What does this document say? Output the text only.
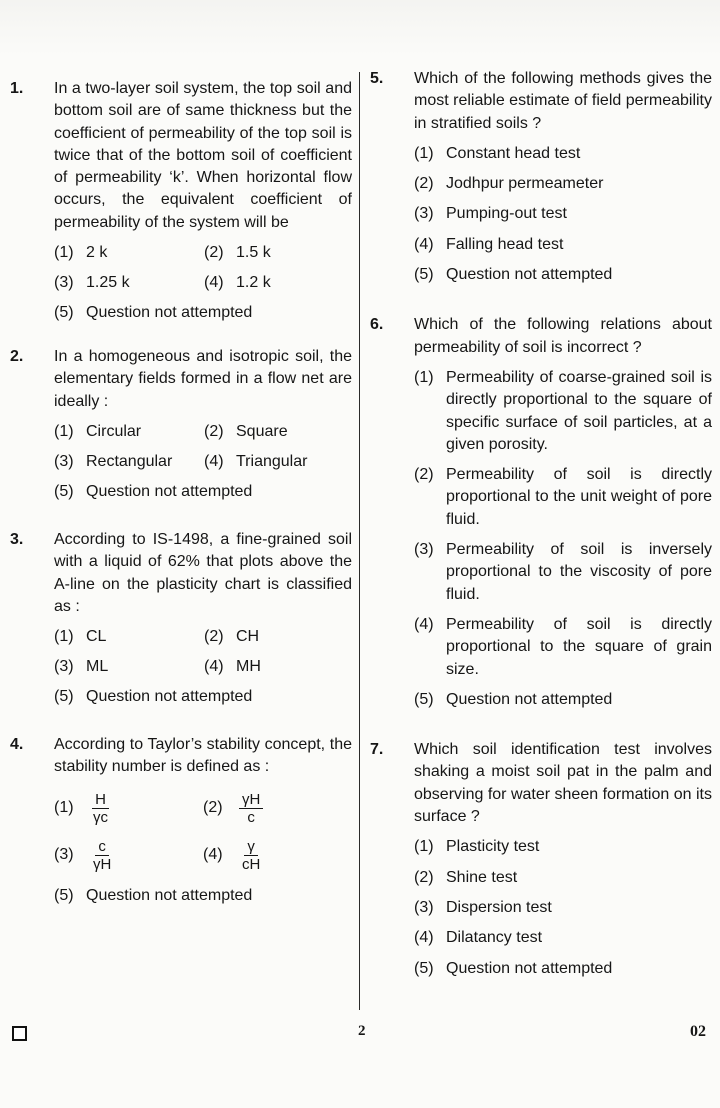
1. In a two-layer soil system, the top soil and bottom soil are of same thickness but the coefficient of permeability of the top soil is twice that of the bottom soil of coefficient of permeability ‘k’. When horizontal flow occurs, the equivalent coefficient of permeability of the system will be

(1) 2 k	(2) 1.5 k
(3) 1.25 k	(4) 1.2 k
(5) Question not attempted
2. In a homogeneous and isotropic soil, the elementary fields formed in a flow net are ideally :

(1) Circular	(2) Square
(3) Rectangular	(4) Triangular
(5) Question not attempted
3. According to IS-1498, a fine-grained soil with a liquid of 62% that plots above the A-line on the plasticity chart is classified as :

(1) CL	(2) CH
(3) ML	(4) MH
(5) Question not attempted
4. According to Taylor’s stability concept, the stability number is defined as :

(1)	$\frac{H}{\gamma c}$	(2)	$\frac{\gamma H}{c}$
(3)	$\frac{c}{\gamma H}$	(4)	$\frac{\gamma}{cH}$
(5) Question not attempted
5. Which of the following methods gives the most reliable estimate of field permeability in stratified soils ?

(1) Constant head test
(2) Jodhpur permeameter
(3) Pumping-out test
(4) Falling head test
(5) Question not attempted
6. Which of the following relations about permeability of soil is incorrect ?

(1) Permeability of coarse-grained soil is directly proportional to the square of specific surface of soil particles, at a given porosity.
(2) Permeability of soil is directly proportional to the unit weight of pore fluid.
(3) Permeability of soil is inversely proportional to the viscosity of pore fluid.
(4) Permeability of soil is directly proportional to the square of grain size.
(5) Question not attempted
7. Which soil identification test involves shaking a moist soil pat in the palm and observing for water sheen formation on its surface ?

(1) Plasticity test
(2) Shine test
(3) Dispersion test
(4) Dilatancy test
(5) Question not attempted
2	02
